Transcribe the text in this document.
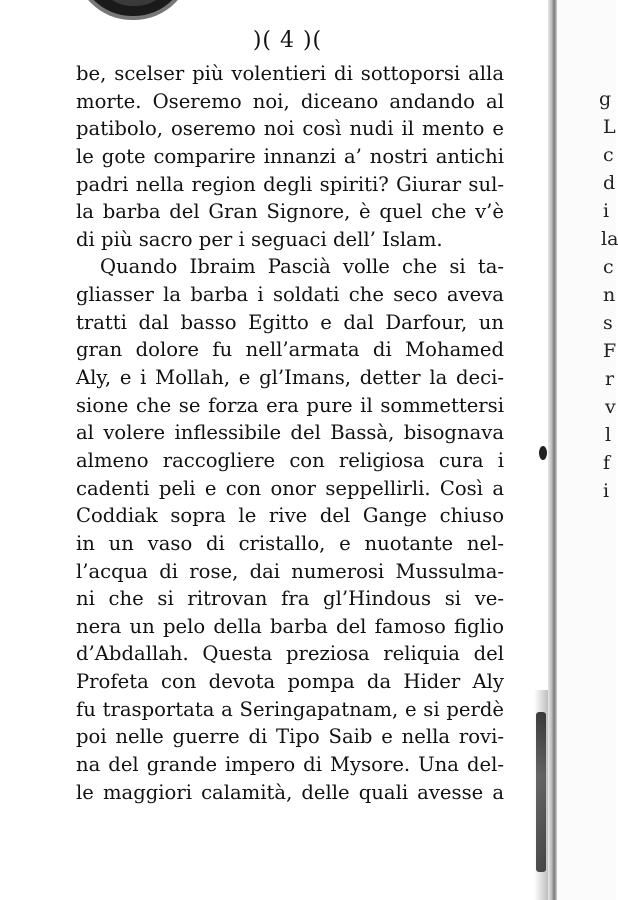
)( 4 )(
be, scelser più volentieri di sottoporsi alla
morte. Oseremo noi, diceano andando al
patibolo, oseremo noi così nudi il mento e
le gote comparire innanzi a’ nostri antichi
padri nella region degli spiriti? Giurar sul-
la barba del Gran Signore, è quel che v’è
di più sacro per i seguaci dell’ Islam.
Quando Ibraim Pascià volle che si ta-
gliasser la barba i soldati che seco aveva
tratti dal basso Egitto e dal Darfour, un
gran dolore fu nell’armata di Mohamed
Aly, e i Mollah, e gl’Imans, detter la deci-
sione che se forza era pure il sommettersi
al volere inflessibile del Bassà, bisognava
almeno raccogliere con religiosa cura i
cadenti peli e con onor seppellirli. Così a
Coddiak sopra le rive del Gange chiuso
in un vaso di cristallo, e nuotante nel-
l’acqua di rose, dai numerosi Mussulma-
ni che si ritrovan fra gl’Hindous si ve-
nera un pelo della barba del famoso figlio
d’Abdallah. Questa preziosa reliquia del
Profeta con devota pompa da Hider Aly
fu trasportata a Seringapatnam, e si perdè
poi nelle guerre di Tipo Saib e nella rovi-
na del grande impero di Mysore. Una del-
le maggiori calamità, delle quali avesse a
g
L
c
d
i
la
c
n
s
F
r
v
l
f
i
